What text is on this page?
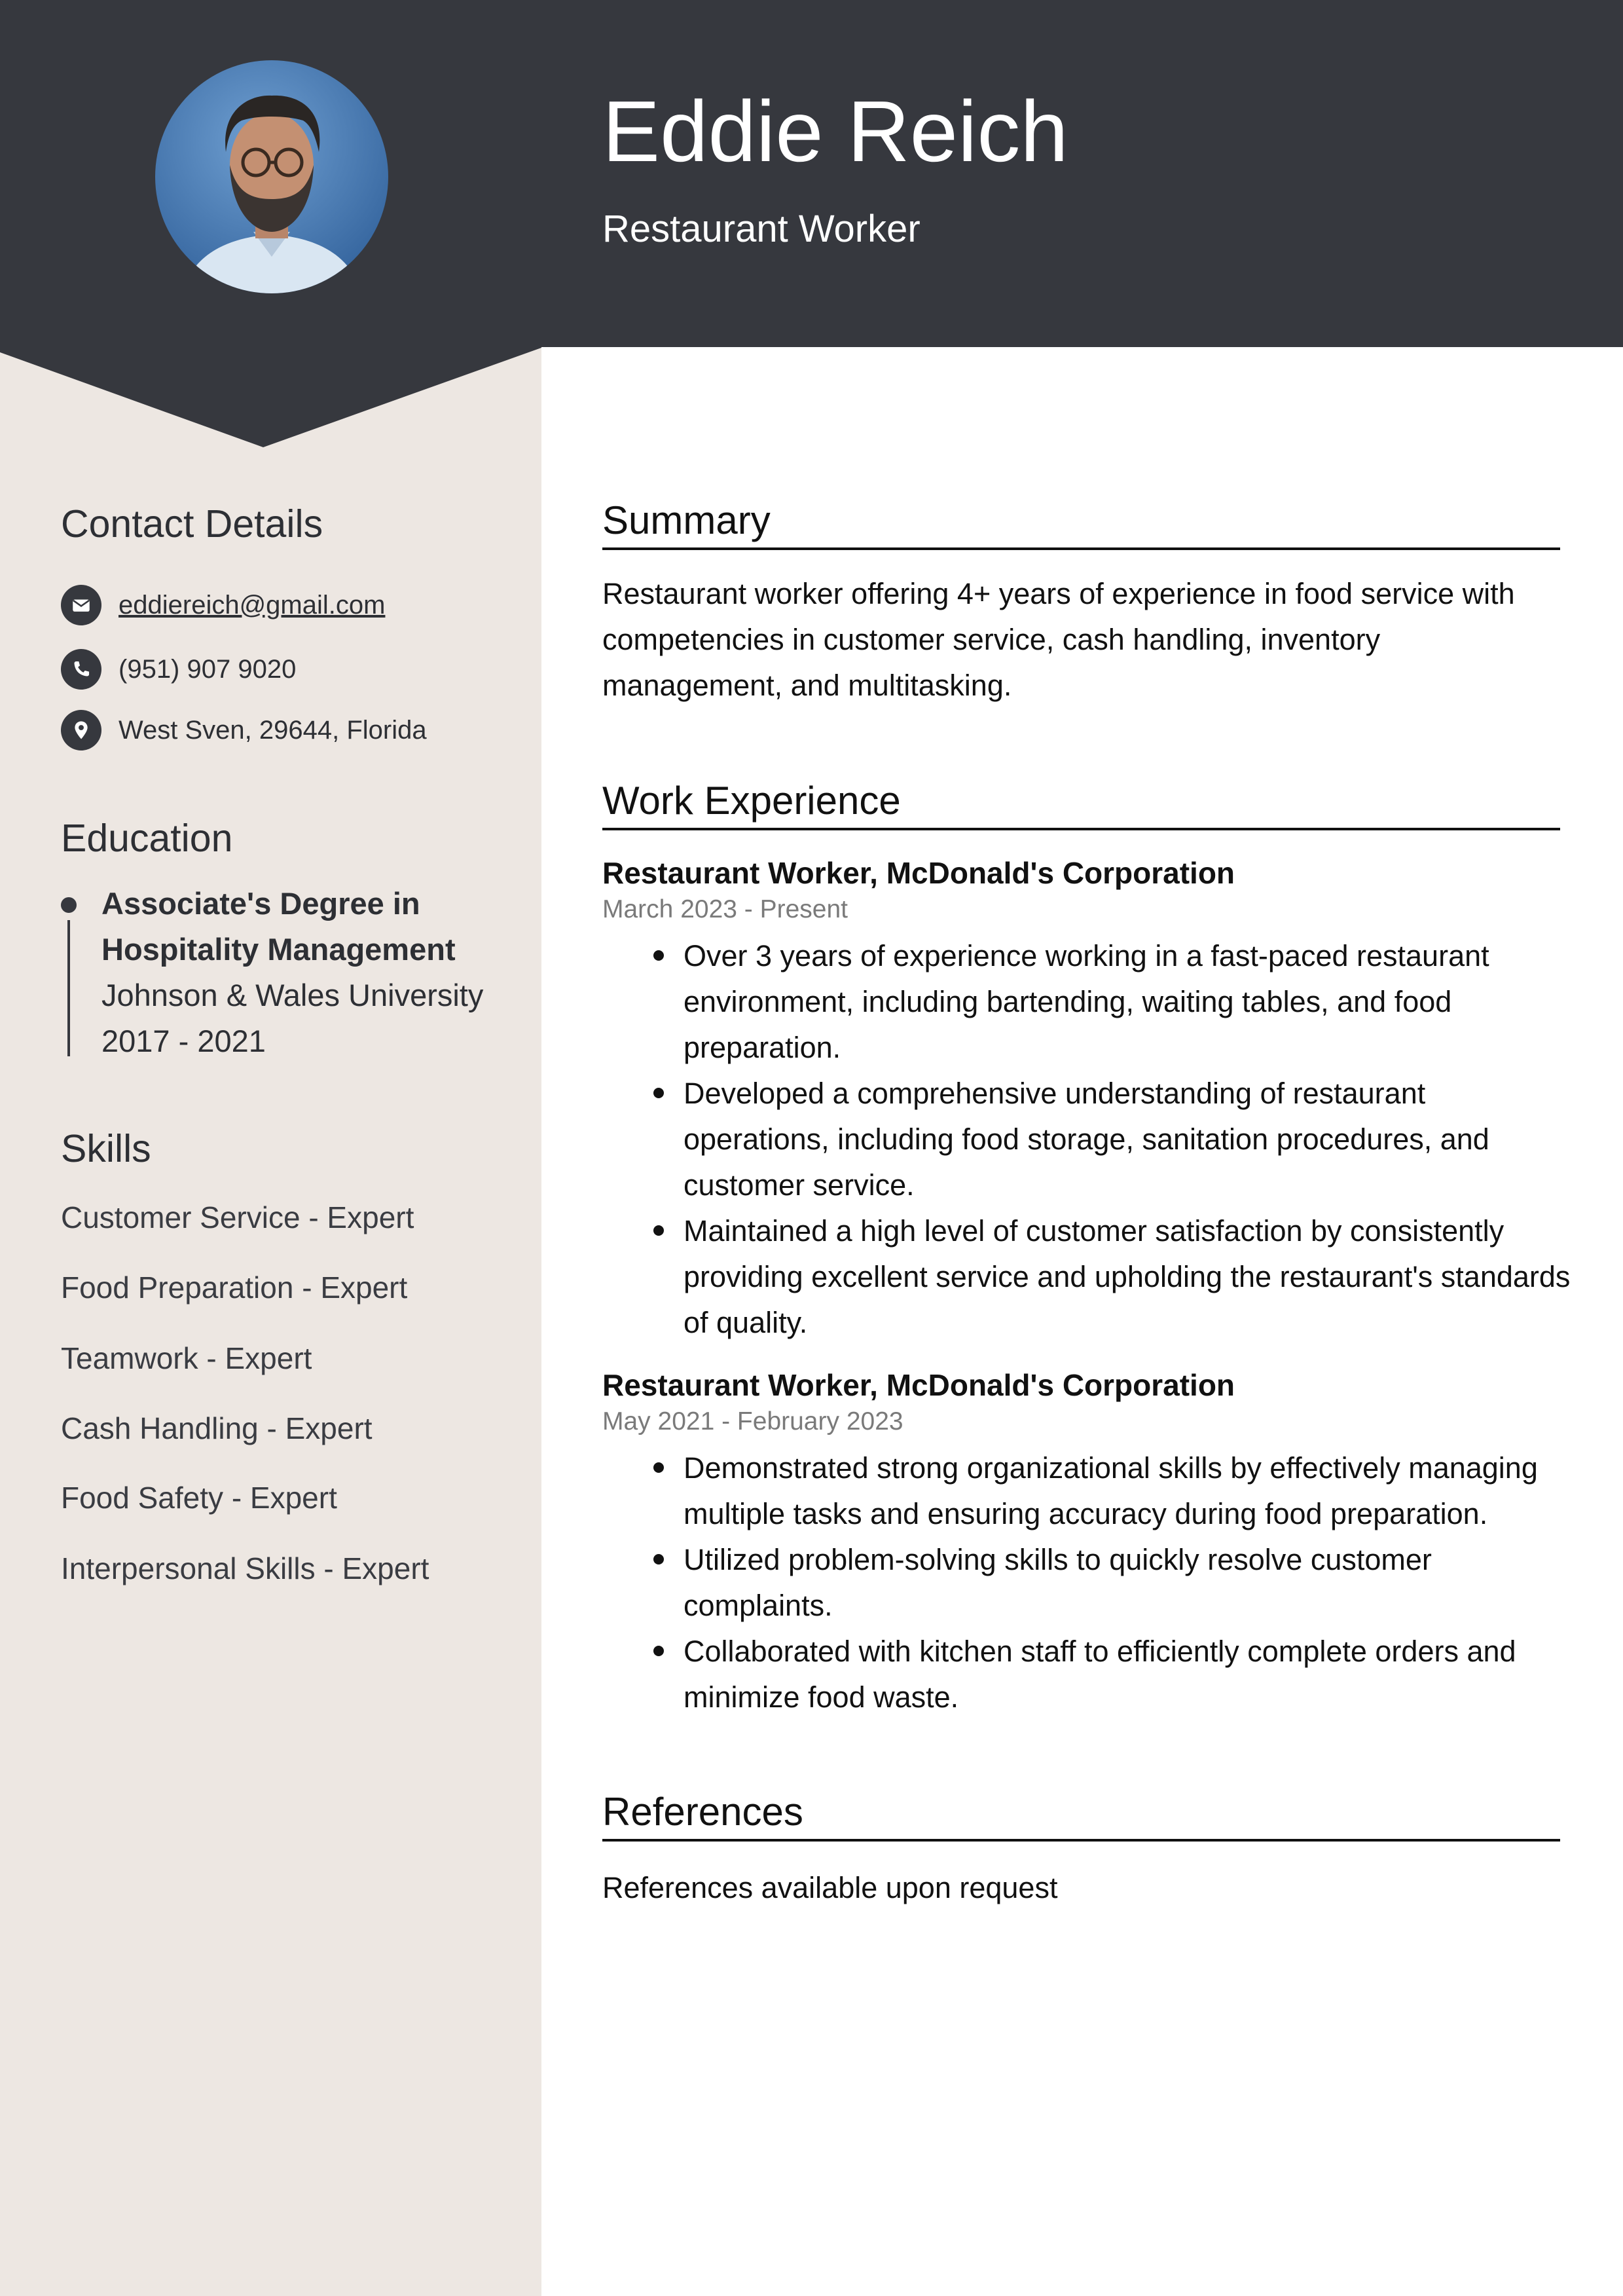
Eddie Reich
Restaurant Worker
Contact Details
eddiereich@gmail.com
(951) 907 9020
West Sven, 29644, Florida
Education
Associate's Degree in Hospitality Management
Johnson & Wales University
2017 - 2021
Skills
Customer Service - Expert
Food Preparation - Expert
Teamwork - Expert
Cash Handling - Expert
Food Safety - Expert
Interpersonal Skills - Expert
Summary

Restaurant worker offering 4+ years of experience in food service with competencies in customer service, cash handling, inventory management, and multitasking.

Work Experience
Restaurant Worker, McDonald's Corporation
March 2023 - Present
Over 3 years of experience working in a fast-paced restaurant environment, including bartending, waiting tables, and food preparation.
Developed a comprehensive understanding of restaurant operations, including food storage, sanitation procedures, and customer service.
Maintained a high level of customer satisfaction by consistently providing excellent service and upholding the restaurant's standards of quality.
Restaurant Worker, McDonald's Corporation
May 2021 - February 2023
Demonstrated strong organizational skills by effectively managing multiple tasks and ensuring accuracy during food preparation.
Utilized problem-solving skills to quickly resolve customer complaints.
Collaborated with kitchen staff to efficiently complete orders and minimize food waste.
References

References available upon request
